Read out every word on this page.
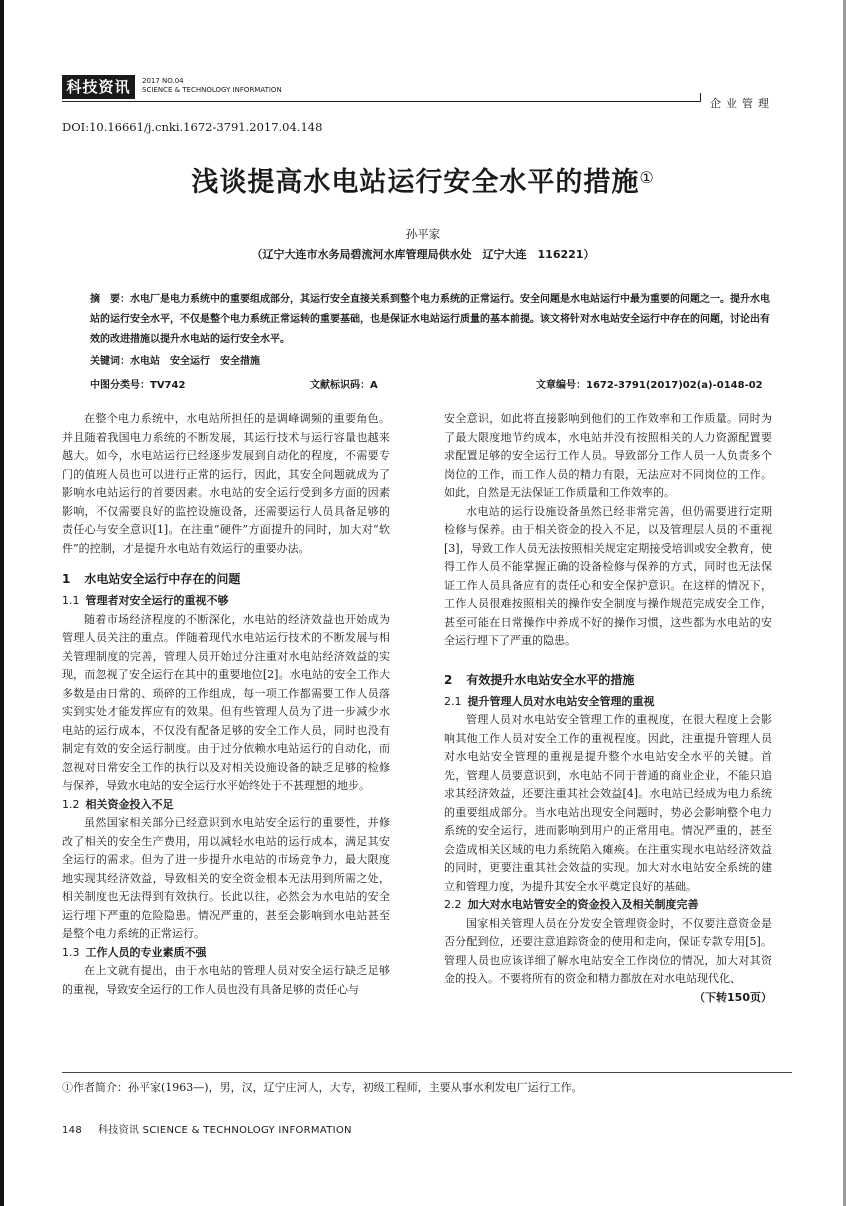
科技资讯	2017 NO.04
SCIENCE & TECHNOLOGY INFORMATION
企业管理
DOI:10.16661/j.cnki.1672-3791.2017.04.148
浅谈提高水电站运行安全水平的措施①
孙平家
（辽宁大连市水务局碧流河水库管理局供水处　辽宁大连　116221）
摘　要：水电厂是电力系统中的重要组成部分，其运行安全直接关系到整个电力系统的正常运行。安全问题是水电站运行中最为重要的问题之一。提升水电站的运行安全水平，不仅是整个电力系统正常运转的重要基础，也是保证水电站运行质量的基本前提。该文将针对水电站安全运行中存在的问题，讨论出有效的改进措施以提升水电站的运行安全水平。
关键词：水电站　安全运行　安全措施
中图分类号：TV742	文献标识码：A	文章编号：1672-3791(2017)02(a)-0148-02

在整个电力系统中，水电站所担任的是调峰调频的重要角色。并且随着我国电力系统的不断发展，其运行技术与运行容量也越来越大。如今，水电站运行已经逐步发展到自动化的程度，不需要专门的值班人员也可以进行正常的运行，因此，其安全问题就成为了影响水电站运行的首要因素。水电站的安全运行受到多方面的因素影响，不仅需要良好的监控设施设备，还需要运行人员具备足够的责任心与安全意识[1]。在注重“硬件”方面提升的同时，加大对“软件”的控制，才是提升水电站有效运行的重要办法。

1 水电站安全运行中存在的问题
1.1 管理者对安全运行的重视不够

随着市场经济程度的不断深化，水电站的经济效益也开始成为管理人员关注的重点。伴随着现代水电站运行技术的不断发展与相关管理制度的完善，管理人员开始过分注重对水电站经济效益的实现，而忽视了安全运行在其中的重要地位[2]。水电站的安全工作大多数是由日常的、琐碎的工作组成，每一项工作都需要工作人员落实到实处才能发挥应有的效果。但有些管理人员为了进一步减少水电站的运行成本，不仅没有配备足够的安全工作人员，同时也没有制定有效的安全运行制度。由于过分依赖水电站运行的自动化，而忽视对日常安全工作的执行以及对相关设施设备的缺乏足够的检修与保养，导致水电站的安全运行水平始终处于不甚理想的地步。

1.2 相关资金投入不足

虽然国家相关部分已经意识到水电站安全运行的重要性，并修改了相关的安全生产费用，用以减轻水电站的运行成本，满足其安全运行的需求。但为了进一步提升水电站的市场竞争力，最大限度地实现其经济效益，导致相关的安全资金根本无法用到所需之处，相关制度也无法得到有效执行。长此以往，必然会为水电站的安全运行埋下严重的危险隐患。情况严重的，甚至会影响到水电站甚至是整个电力系统的正常运行。

1.3 工作人员的专业素质不强

在上文就有提出，由于水电站的管理人员对安全运行缺乏足够的重视，导致安全运行的工作人员也没有具备足够的责任心与

安全意识，如此将直接影响到他们的工作效率和工作质量。同时为了最大限度地节约成本，水电站并没有按照相关的人力资源配置要求配置足够的安全运行工作人员。导致部分工作人员一人负责多个岗位的工作，而工作人员的精力有限，无法应对不同岗位的工作。如此，自然是无法保证工作质量和工作效率的。

水电站的运行设施设备虽然已经非常完善，但仍需要进行定期检修与保养。由于相关资金的投入不足，以及管理层人员的不重视[3]，导致工作人员无法按照相关规定定期接受培训或安全教育，使得工作人员不能掌握正确的设备检修与保养的方式，同时也无法保证工作人员具备应有的责任心和安全保护意识。在这样的情况下，工作人员很难按照相关的操作安全制度与操作规范完成安全工作，甚至可能在日常操作中养成不好的操作习惯，这些都为水电站的安全运行埋下了严重的隐患。

2 有效提升水电站安全水平的措施
2.1 提升管理人员对水电站安全管理的重视

管理人员对水电站安全管理工作的重视度，在很大程度上会影响其他工作人员对安全工作的重视程度。因此，注重提升管理人员对水电站安全管理的重视是提升整个水电站安全水平的关键。首先，管理人员要意识到，水电站不同于普通的商业企业，不能只追求其经济效益，还要注重其社会效益[4]。水电站已经成为电力系统的重要组成部分。当水电站出现安全问题时，势必会影响整个电力系统的安全运行，进而影响到用户的正常用电。情况严重的，甚至会造成相关区域的电力系统陷入瘫痪。在注重实现水电站经济效益的同时，更要注重其社会效益的实现。加大对水电站安全系统的建立和管理力度，为提升其安全水平奠定良好的基础。

2.2 加大对水电站管安全的资金投入及相关制度完善

国家相关管理人员在分发安全管理资金时，不仅要注意资金是否分配到位，还要注意追踪资金的使用和走向，保证专款专用[5]。管理人员也应该详细了解水电站安全工作岗位的情况，加大对其资金的投入。不要将所有的资金和精力都放在对水电站现代化、

（下转150页）

①作者简介：孙平家(1963—)，男，汉，辽宁庄河人，大专，初级工程师，主要从事水利发电厂运行工作。
148 科技资讯 SCIENCE & TECHNOLOGY INFORMATION
